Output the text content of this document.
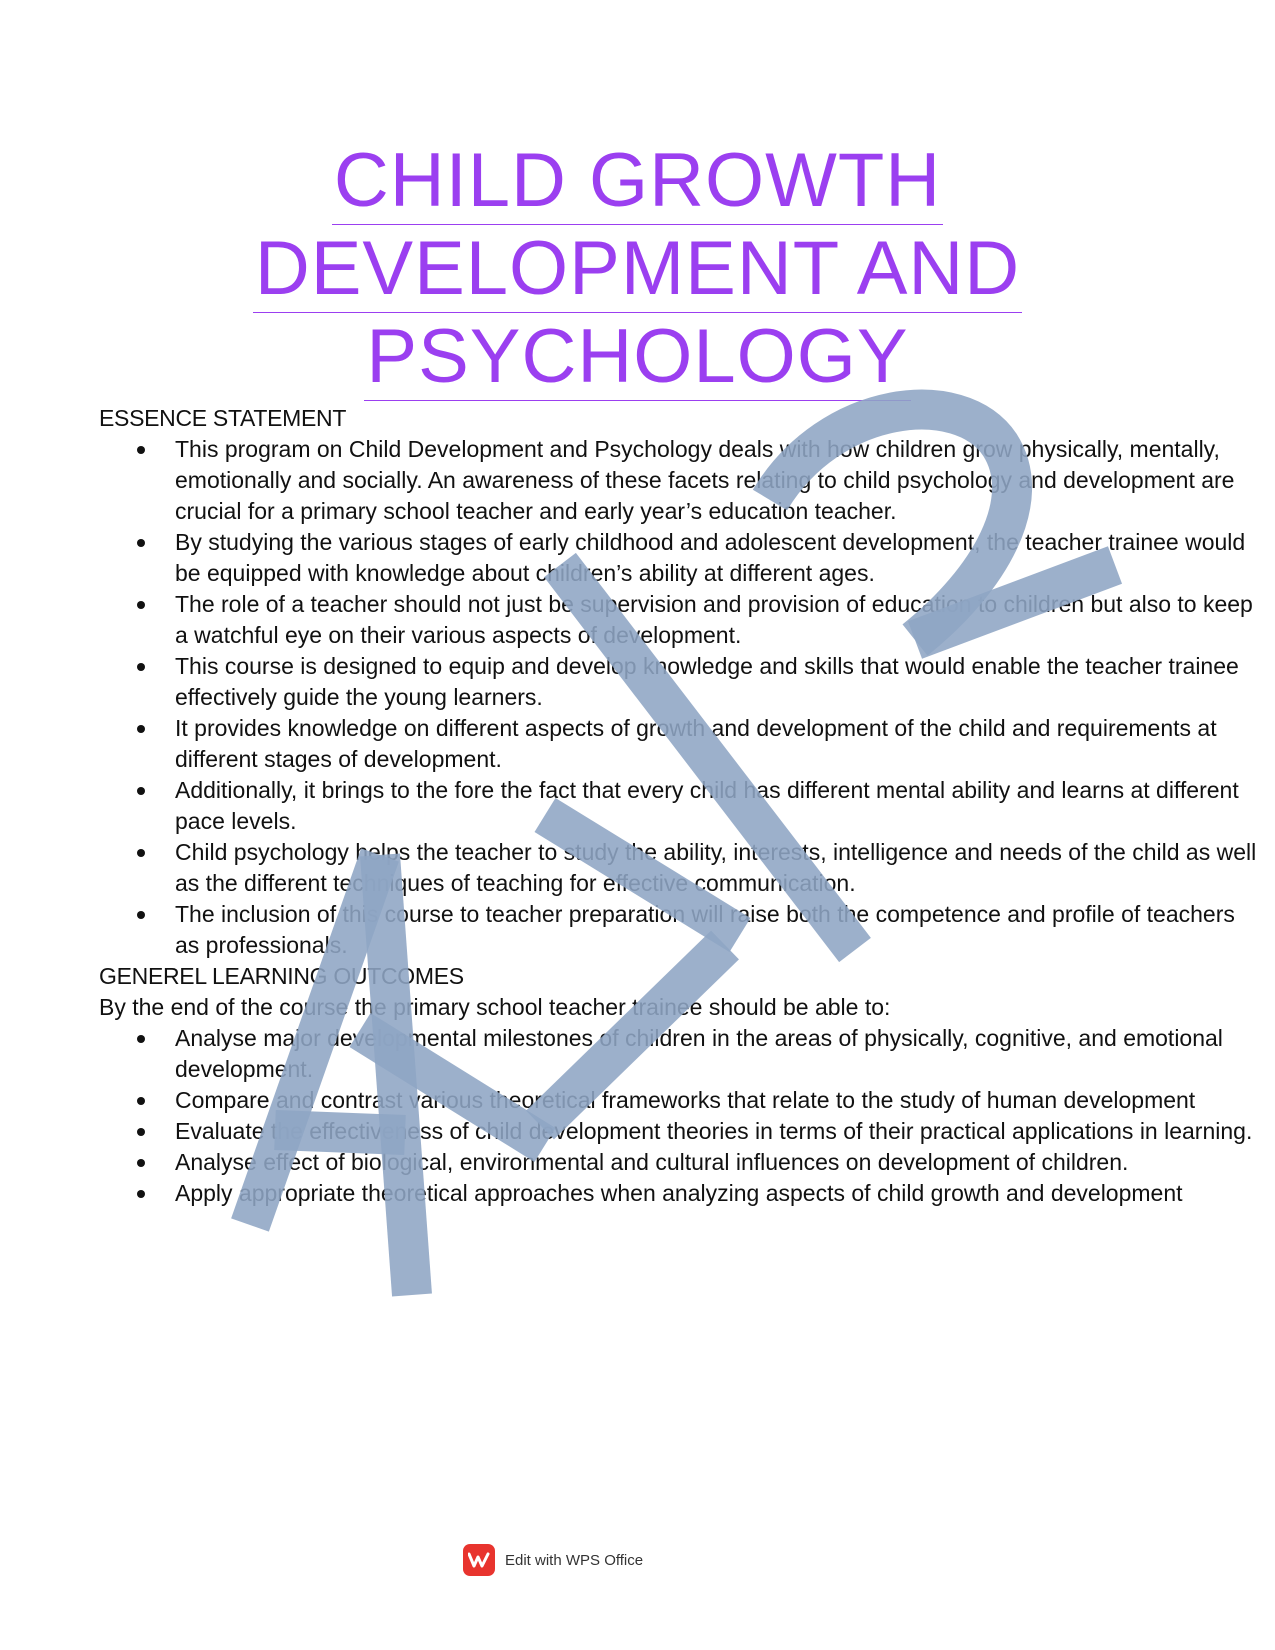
CHILD GROWTH
DEVELOPMENT AND
PSYCHOLOGY
ESSENCE STATEMENT
This program on Child Development and Psychology deals with how children grow physically, mentally, emotionally and socially. An awareness of these facets relating to child psychology and development are crucial for a primary school teacher and early year’s education teacher.
By studying the various stages of early childhood and adolescent development, the teacher trainee would be equipped with knowledge about children’s ability at different ages.
The role of a teacher should not just be supervision and provision of education to children but also to keep a watchful eye on their various aspects of development.
This course is designed to equip and develop knowledge and skills that would enable the teacher trainee effectively guide the young learners.
It provides knowledge on different aspects of growth and development of the child and requirements at different stages of development.
Additionally, it brings to the fore the fact that every child has different mental ability and learns at different pace levels.
Child psychology helps the teacher to study the ability, interests, intelligence and needs of the child as well as the different techniques of teaching for effective communication.
The inclusion of this course to teacher preparation will raise both the competence and profile of teachers as professionals.
GENEREL LEARNING OUTCOMES

By the end of the course the primary school teacher trainee should be able to:

Analyse major developmental milestones of children in the areas of physically, cognitive, and emotional development.
Compare and contrast various theoretical frameworks that relate to the study of human development
Evaluate the effectiveness of child development theories in terms of their practical applications in learning.
Analyse effect of biological, environmental and cultural influences on development of children.
Apply appropriate theoretical approaches when analyzing aspects of child growth and development
Edit with WPS Office
